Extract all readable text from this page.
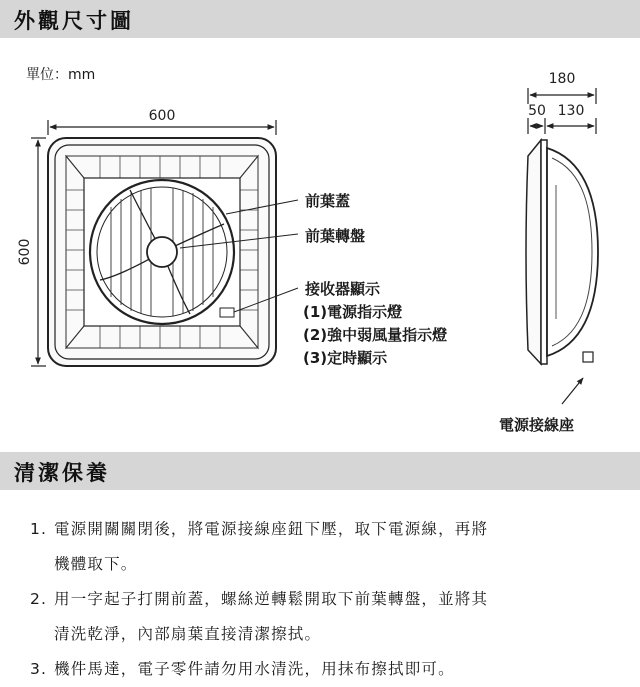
外觀尺寸圖
單位：mm
600
600
180
50 130
前葉蓋
前葉轉盤
接收器顯示
(1)電源指示燈
(2)強中弱風量指示燈
(3)定時顯示
電源接線座
清潔保養
1. 電源開關關閉後，將電源接線座鈕下壓，取下電源線，再將
機體取下。
2. 用一字起子打開前蓋，螺絲逆轉鬆開取下前葉轉盤，並將其
清洗乾淨，內部扇葉直接清潔擦拭。
3. 機件馬達，電子零件請勿用水清洗，用抹布擦拭即可。
